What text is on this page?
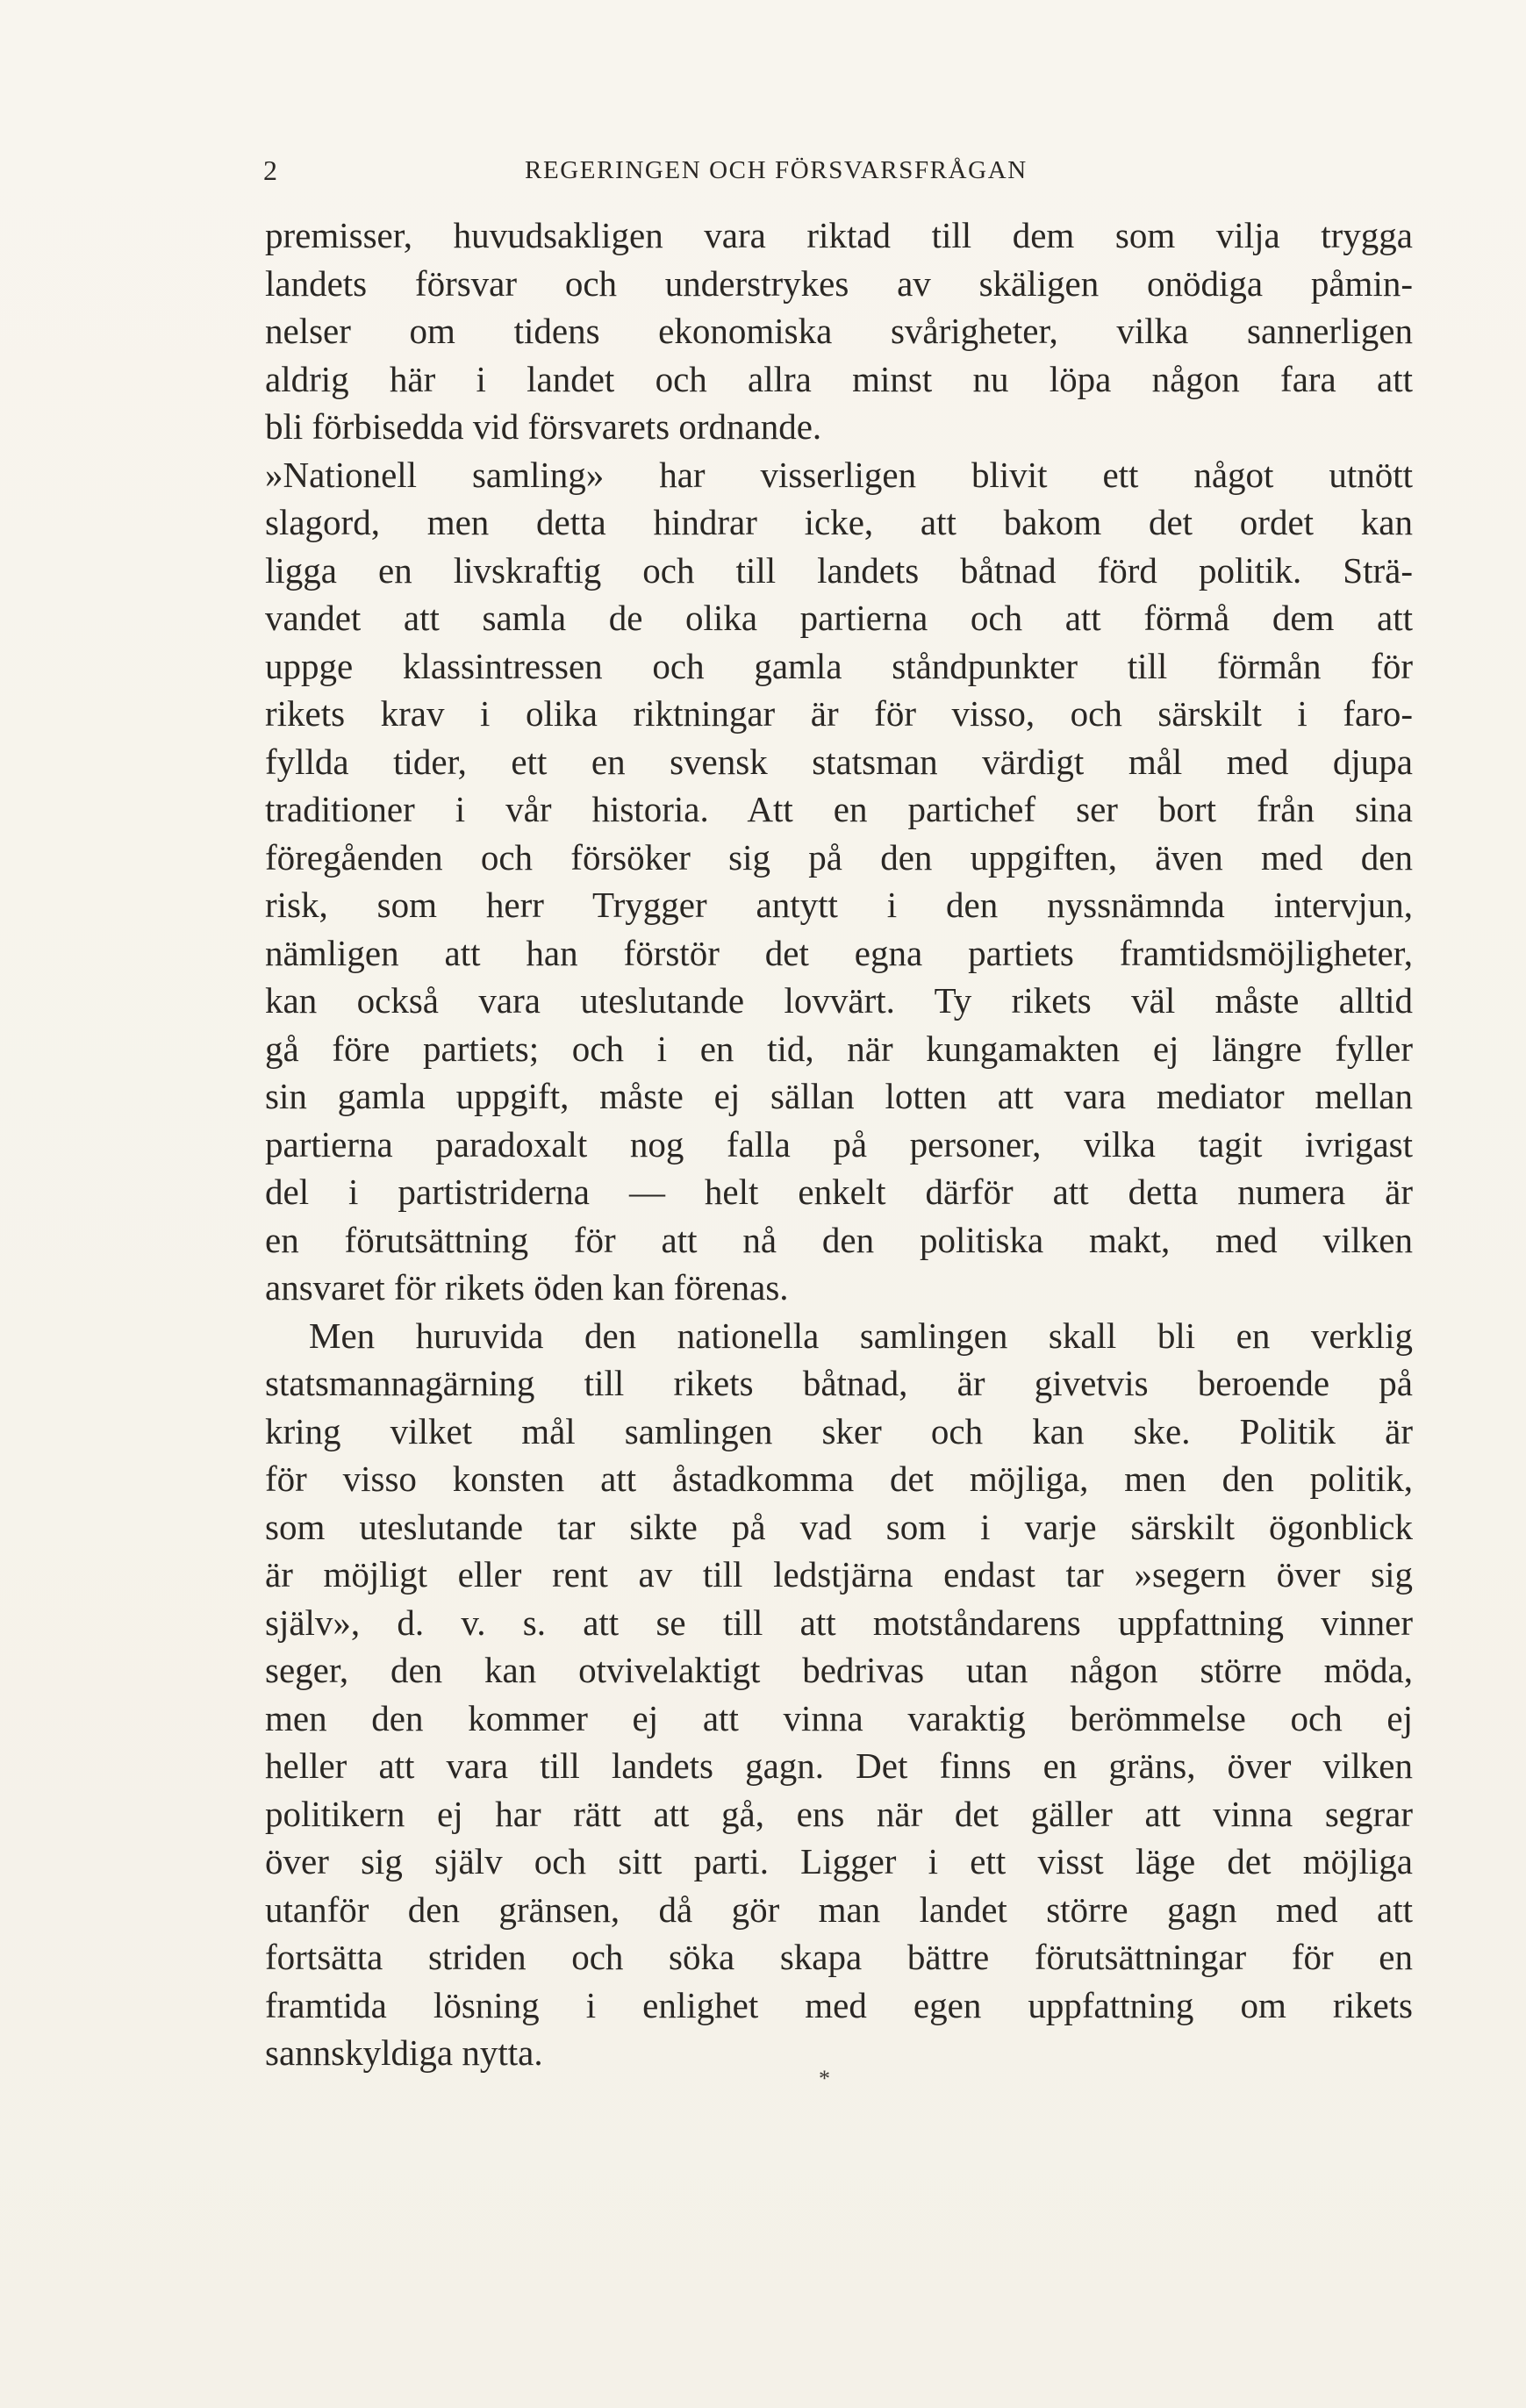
2	REGERINGEN OCH FÖRSVARSFRÅGAN
premisser, huvudsakligen vara riktad till dem som vilja trygga
landets försvar och understrykes av skäligen onödiga påmin-
nelser om tidens ekonomiska svårigheter, vilka sannerligen
aldrig här i landet och allra minst nu löpa någon fara att
bli förbisedda vid försvarets ordnande.
»Nationell samling» har visserligen blivit ett något utnött
slagord, men detta hindrar icke, att bakom det ordet kan
ligga en livskraftig och till landets båtnad förd politik. Strä-
vandet att samla de olika partierna och att förmå dem att
uppge klassintressen och gamla ståndpunkter till förmån för
rikets krav i olika riktningar är för visso, och särskilt i faro-
fyllda tider, ett en svensk statsman värdigt mål med djupa
traditioner i vår historia. Att en partichef ser bort från sina
föregåenden och försöker sig på den uppgiften, även med den
risk, som herr Trygger antytt i den nyssnämnda intervjun,
nämligen att han förstör det egna partiets framtidsmöjligheter,
kan också vara uteslutande lovvärt. Ty rikets väl måste alltid
gå före partiets; och i en tid, när kungamakten ej längre fyller
sin gamla uppgift, måste ej sällan lotten att vara mediator mellan
partierna paradoxalt nog falla på personer, vilka tagit ivrigast
del i partistriderna — helt enkelt därför att detta numera är
en förutsättning för att nå den politiska makt, med vilken
ansvaret för rikets öden kan förenas.
Men huruvida den nationella samlingen skall bli en verklig
statsmannagärning till rikets båtnad, är givetvis beroende på
kring vilket mål samlingen sker och kan ske. Politik är
för visso konsten att åstadkomma det möjliga, men den politik,
som uteslutande tar sikte på vad som i varje särskilt ögonblick
är möjligt eller rent av till ledstjärna endast tar »segern över sig
själv», d. v. s. att se till att motståndarens uppfattning vinner
seger, den kan otvivelaktigt bedrivas utan någon större möda,
men den kommer ej att vinna varaktig berömmelse och ej
heller att vara till landets gagn. Det finns en gräns, över vilken
politikern ej har rätt att gå, ens när det gäller att vinna segrar
över sig själv och sitt parti. Ligger i ett visst läge det möjliga
utanför den gränsen, då gör man landet större gagn med att
fortsätta striden och söka skapa bättre förutsättningar för en
framtida lösning i enlighet med egen uppfattning om rikets
sannskyldiga nytta.
*
